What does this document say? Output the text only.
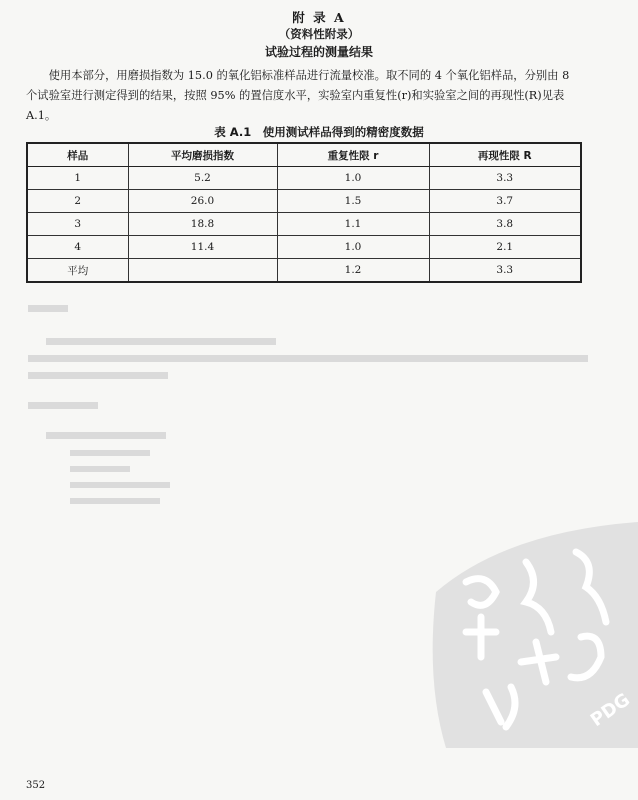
附 录 A
（资料性附录）
试验过程的测量结果

使用本部分，用磨损指数为 15.0 的氧化铝标准样品进行流量校准。取不同的 4 个氧化铝样品，分别由 8 个试验室进行测定得到的结果，按照 95% 的置信度水平，实验室内重复性(r)和实验室之间的再现性(R)见表 A.1。

表 A.1　使用测试样品得到的精密度数据
样品	平均磨损指数	重复性限 r	再现性限 R
1	5.2	1.0	3.3
2	26.0	1.5	3.7
3	18.8	1.1	3.8
4	11.4	1.0	2.1
平均		1.2	3.3
PDG
352
